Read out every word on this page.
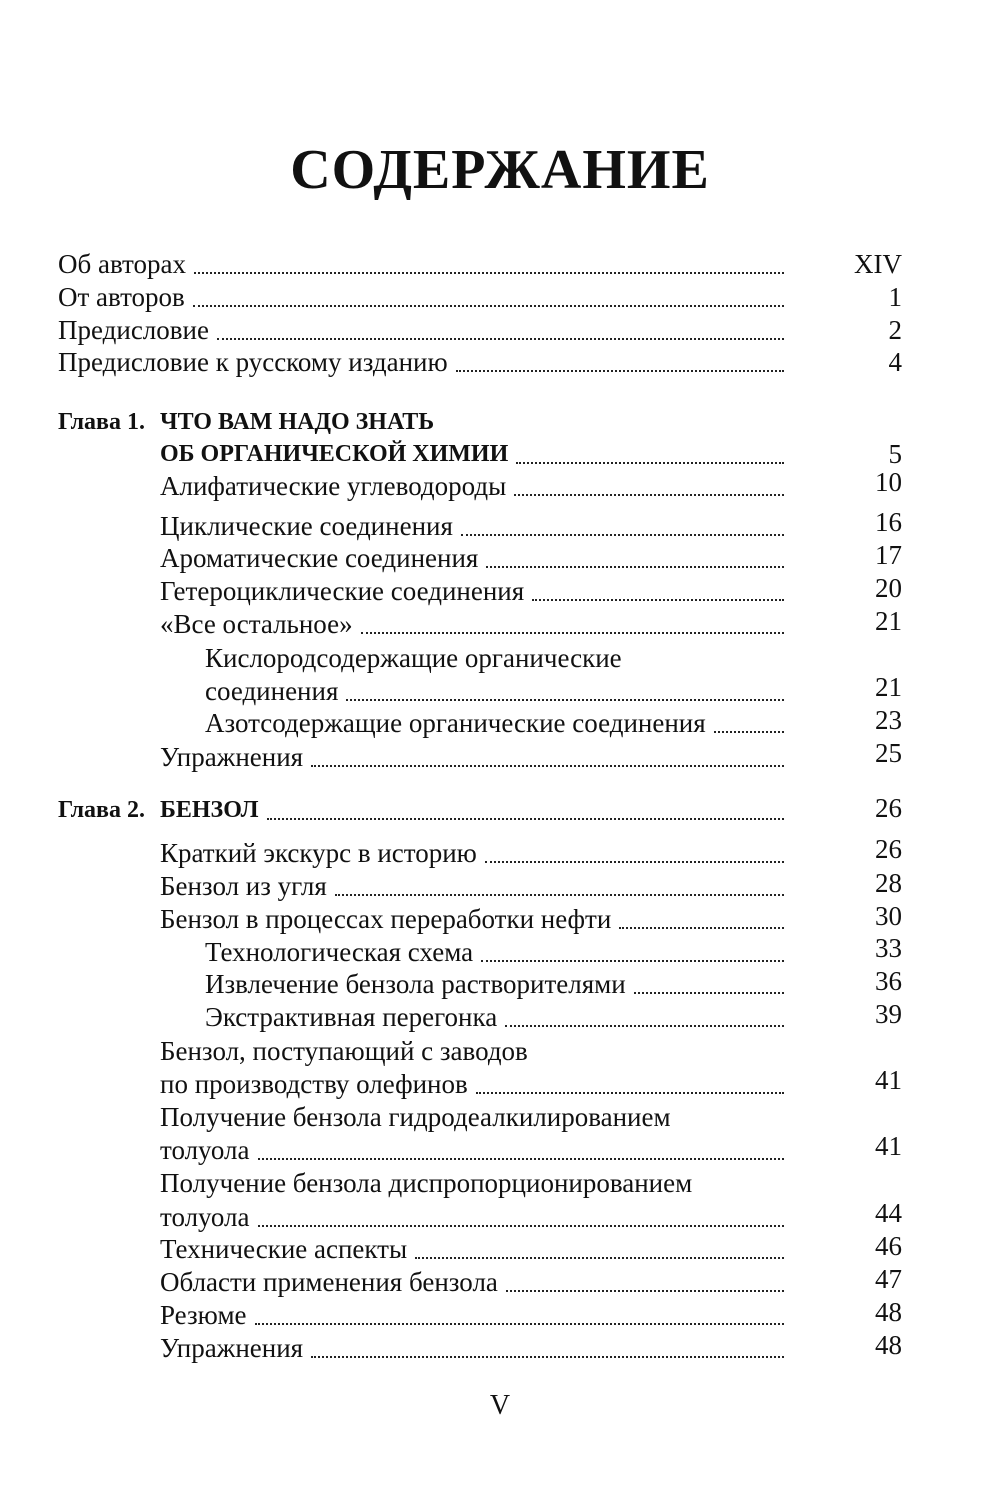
СОДЕРЖАНИЕ
Об авторах	XIV
От авторов	1
Предисловие	2
Предисловие к русскому изданию	4
Глава 1. ЧТО ВАМ НАДО ЗНАТЬ
ОБ ОРГАНИЧЕСКОЙ ХИМИИ	5
Алифатические углеводороды	10
Циклические соединения	16
Ароматические соединения	17
Гетероциклические соединения	20
«Все остальное»	21
Кислородсодержащие органические
соединения	21
Азотсодержащие органические соединения	23
Упражнения	25
Глава 2. БЕНЗОЛ	26
Краткий экскурс в историю	26
Бензол из угля	28
Бензол в процессах переработки нефти	30
Технологическая схема	33
Извлечение бензола растворителями	36
Экстрактивная перегонка	39
Бензол, поступающий с заводов
по производству олефинов	41
Получение бензола гидродеалкилированием
толуола	41
Получение бензола диспропорционированием
толуола	44
Технические аспекты	46
Области применения бензола	47
Резюме	48
Упражнения	48
V
